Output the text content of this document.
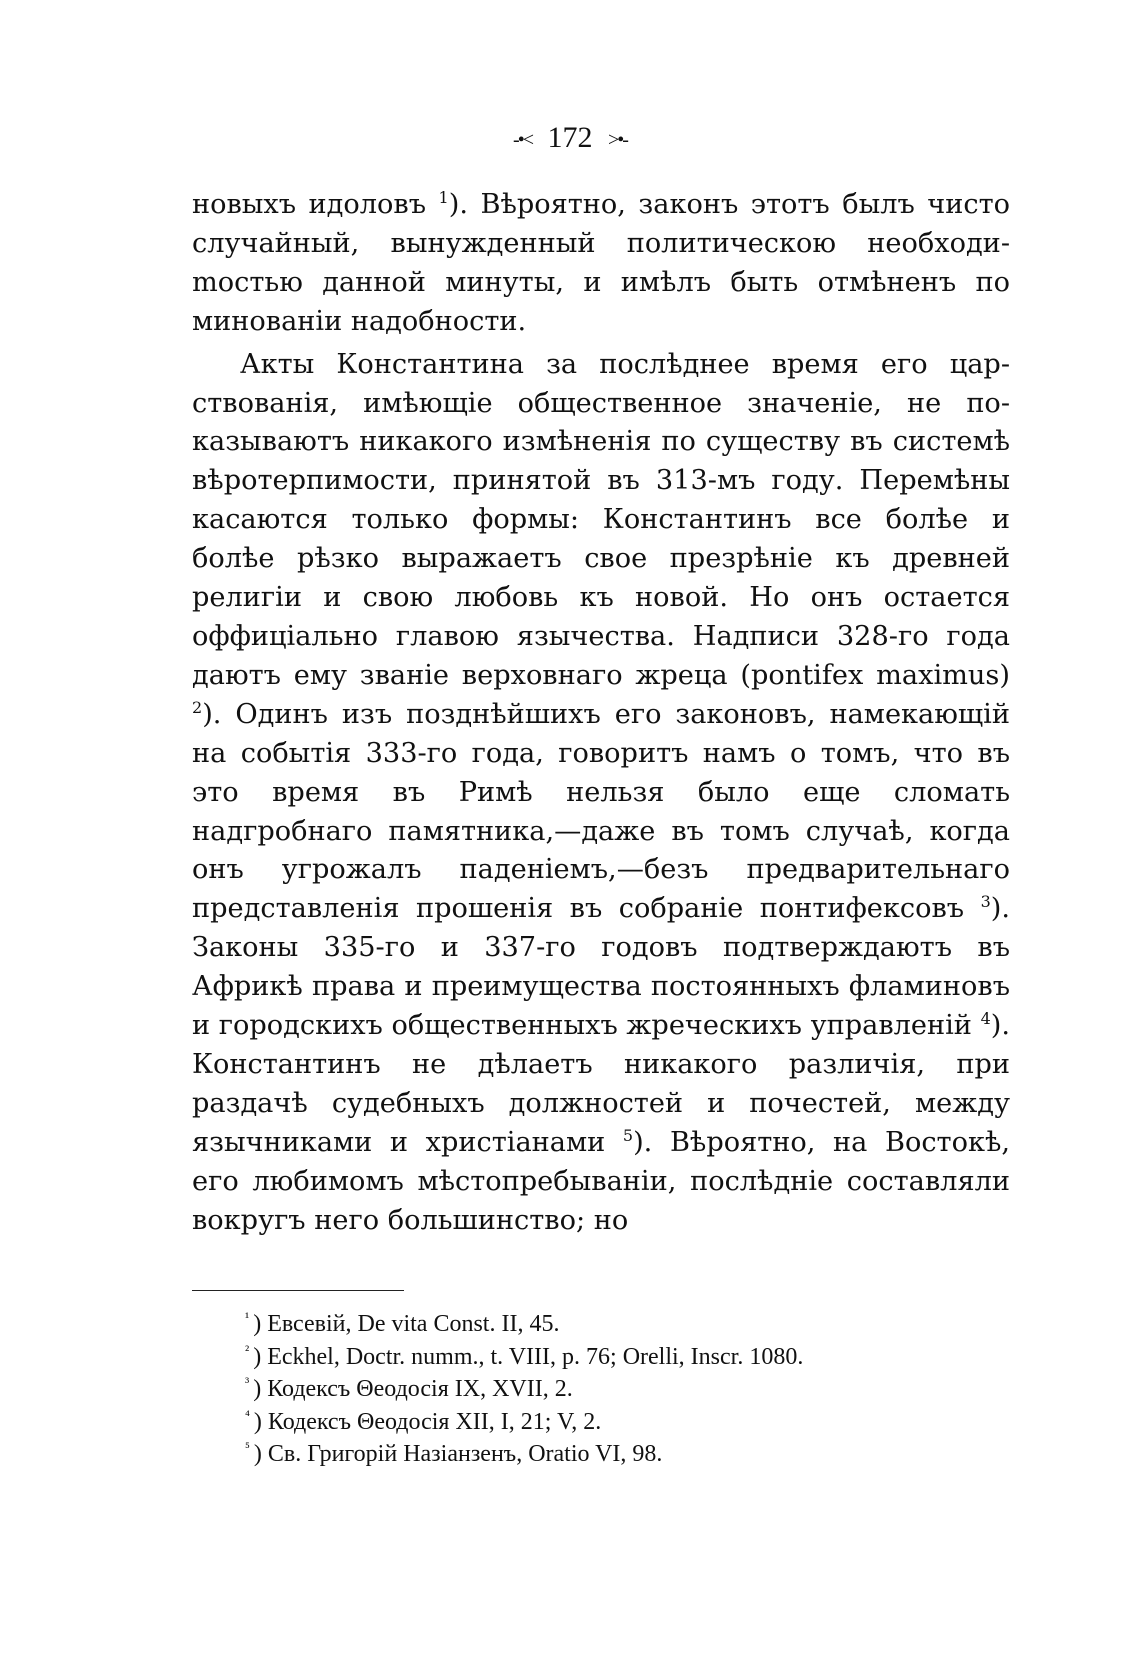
-•< 172 >•-

новыхъ идоловъ $^1$). Вѣроятно, законъ этотъ былъ чисто случайный, вынужденный политическою необходиmостью данной минуты, и имѣлъ быть отмѣненъ по минованіи надобности.

Акты Константина за послѣднее время его царствованія, имѣющіе общественное значеніе, не показываютъ никакого измѣненія по существу въ системѣ вѣротерпимости, принятой въ 313-мъ году. Перемѣны касаются только формы: Константинъ все болѣе и болѣе рѣзко выражаетъ свое презрѣніе къ древней религіи и свою любовь къ новой. Но онъ остается оффиціально главою язычества. Надписи 328-го года даютъ ему званіе верховнаго жреца (pontifex maximus) $^2$). Одинъ изъ позднѣйшихъ его законовъ, намекающій на событія 333-го года, говоритъ намъ о томъ, что въ это время въ Римѣ нельзя было еще сломать надгробнаго памятника,—даже въ томъ случаѣ, когда онъ угрожалъ паденіемъ,—безъ предварительнаго представленія прошенія въ собраніе понтифексовъ $^3$). Законы 335-го и 337-го годовъ подтверждаютъ въ Африкѣ права и преимущества постоянныхъ фламиновъ и городскихъ общественныхъ жреческихъ управленій $^4$). Константинъ не дѣлаетъ никакого различія, при раздачѣ судебныхъ должностей и почестей, между язычниками и христіанами $^5$). Вѣроятно, на Востокѣ, его любимомъ мѣстопребываніи, послѣдніе составляли вокругъ него большинство; но

$^{^1}$ ) Евсевій, De vita Const. II, 45.
$^{^2}$ ) Eckhel, Doctr. numm., t. VIII, p. 76; Orelli, Inscr. 1080.
$^{^3}$ ) Кодексъ Θеодосія IX, XVII, 2.
$^{^4}$ ) Кодексъ Θеодосія XII, I, 21; V, 2.
$^{^5}$ ) Св. Григорій Назіанзенъ, Oratio VI, 98.
